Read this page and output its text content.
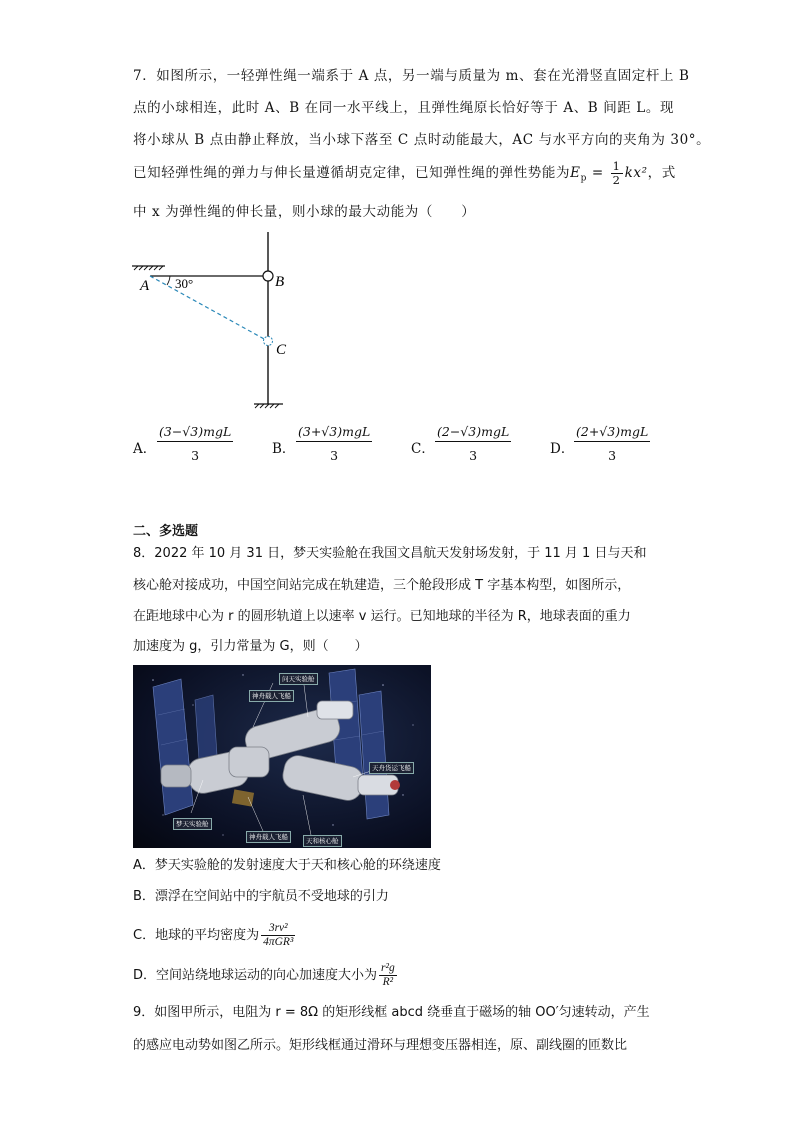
7．如图所示，一轻弹性绳一端系于 A 点，另一端与质量为 m、套在光滑竖直固定杆上 B
点的小球相连，此时 A、B 在同一水平线上，且弹性绳原长恰好等于 A、B 间距 L。现
将小球从 B 点由静止释放，当小球下落至 C 点时动能最大，AC 与水平方向的夹角为 30°。
已知轻弹性绳的弹力与伸长量遵循胡克定律，已知弹性绳的弹性势能为$E_p = \frac{1}{2} kx^2$，式
中 x 为弹性绳的伸长量，则小球的最大动能为（　　）
A 30°	B
C
A．
(3−√3)mgL
3	B．
(3+√3)mgL
3	C．
(2−√3)mgL
3	D．
(2+√3)mgL
3
二、多选题
8．2022 年 10 月 31 日，梦天实验舱在我国文昌航天发射场发射，于 11 月 1 日与天和
核心舱对接成功，中国空间站完成在轨建造，三个舱段形成 T 字基本构型，如图所示，
在距地球中心为 r 的圆形轨道上以速率 v 运行。已知地球的半径为 R，地球表面的重力
加速度为 g，引力常量为 G，则（　　）
神舟载人飞船
问天实验舱
天舟货运飞船
梦天实验舱
神舟载人飞船	天和核心舱
A．梦天实验舱的发射速度大于天和核心舱的环绕速度
B．漂浮在空间站中的宇航员不受地球的引力
C．地球的平均密度为 $\frac{\text{3rv²}}{\text{4πGR³}}$
D．空间站绕地球运动的向心加速度大小为 $\frac{\text{r²g}}{\text{R²}}$
9．如图甲所示，电阻为 r = 8Ω 的矩形线框 abcd 绕垂直于磁场的轴 OO′匀速转动，产生
的感应电动势如图乙所示。矩形线框通过滑环与理想变压器相连，原、副线圈的匝数比
